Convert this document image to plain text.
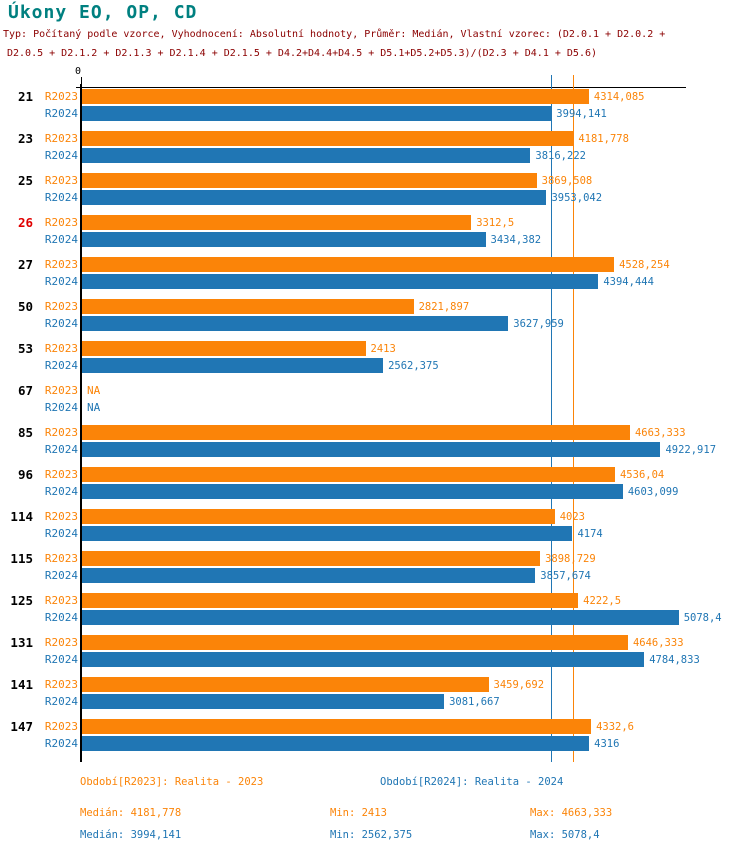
Úkony EO, OP, CD
Typ: Počítaný podle vzorce, Vyhodnocení: Absolutní hodnoty, Průměr: Medián, Vlastní vzorec: (D2.0.1 + D2.0.2 +
D2.0.5 + D2.1.2 + D2.1.3 + D2.1.4 + D2.1.5 + D4.2+D4.4+D4.5 + D5.1+D5.2+D5.3)/(D2.3 + D4.1 + D5.6)
0
21	R2023	4314,085
R2024	3994,141
23	R2023	4181,778
R2024	3816,222
25	R2023	3869,508
R2024	3953,042
26	R2023	3312,5
R2024	3434,382
27	R2023	4528,254
R2024	4394,444
50	R2023	2821,897
R2024	3627,959
53	R2023	2413
R2024	2562,375
67	R2023 NA
R2024 NA
85	R2023	4663,333
R2024	4922,917
96	R2023	4536,04
R2024	4603,099
114	R2023	4023
R2024	4174
115	R2023	3898,729
R2024	3857,674
125	R2023	4222,5
R2024	5078,4
131	R2023	4646,333
R2024	4784,833
141	R2023	3459,692
R2024	3081,667
147	R2023	4332,6
R2024	4316
Období[R2023]: Realita - 2023	Období[R2024]: Realita - 2024
Medián: 4181,778	Min: 2413	Max: 4663,333
Medián: 3994,141	Min: 2562,375	Max: 5078,4
